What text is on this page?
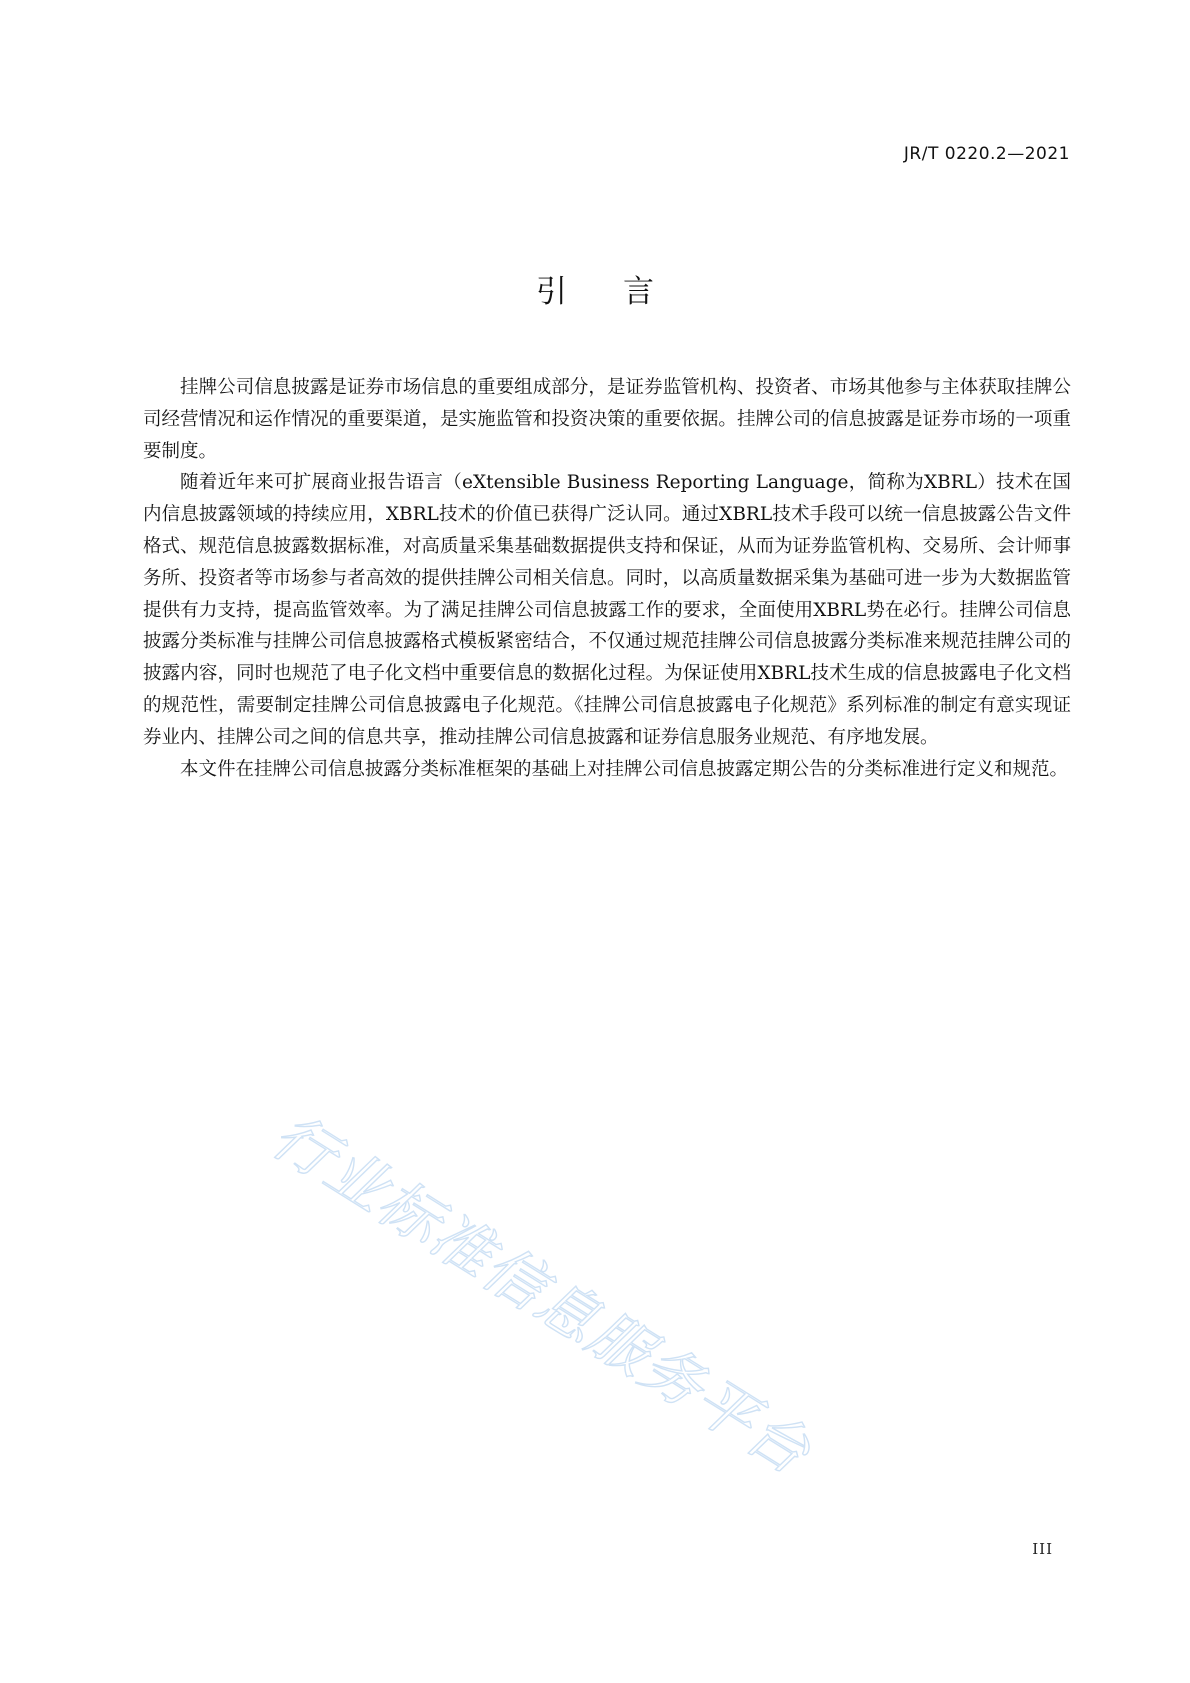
JR/T 0220.2—2021
引言

挂牌公司信息披露是证券市场信息的重要组成部分，是证券监管机构、投资者、市场其他参与主体获取挂牌公司经营情况和运作情况的重要渠道，是实施监管和投资决策的重要依据。挂牌公司的信息披露是证券市场的一项重要制度。

随着近年来可扩展商业报告语言（eXtensible Business Reporting Language，简称为XBRL）技术在国内信息披露领域的持续应用，XBRL技术的价值已获得广泛认同。通过XBRL技术手段可以统一信息披露公告文件格式、规范信息披露数据标准，对高质量采集基础数据提供支持和保证，从而为证券监管机构、交易所、会计师事务所、投资者等市场参与者高效的提供挂牌公司相关信息。同时，以高质量数据采集为基础可进一步为大数据监管提供有力支持，提高监管效率。为了满足挂牌公司信息披露工作的要求，全面使用XBRL势在必行。挂牌公司信息披露分类标准与挂牌公司信息披露格式模板紧密结合，不仅通过规范挂牌公司信息披露分类标准来规范挂牌公司的披露内容，同时也规范了电子化文档中重要信息的数据化过程。为保证使用XBRL技术生成的信息披露电子化文档的规范性，需要制定挂牌公司信息披露电子化规范。《挂牌公司信息披露电子化规范》系列标准的制定有意实现证券业内、挂牌公司之间的信息共享，推动挂牌公司信息披露和证券信息服务业规范、有序地发展。

本文件在挂牌公司信息披露分类标准框架的基础上对挂牌公司信息披露定期公告的分类标准进行定义和规范。

行业标准信息服务平台
III
